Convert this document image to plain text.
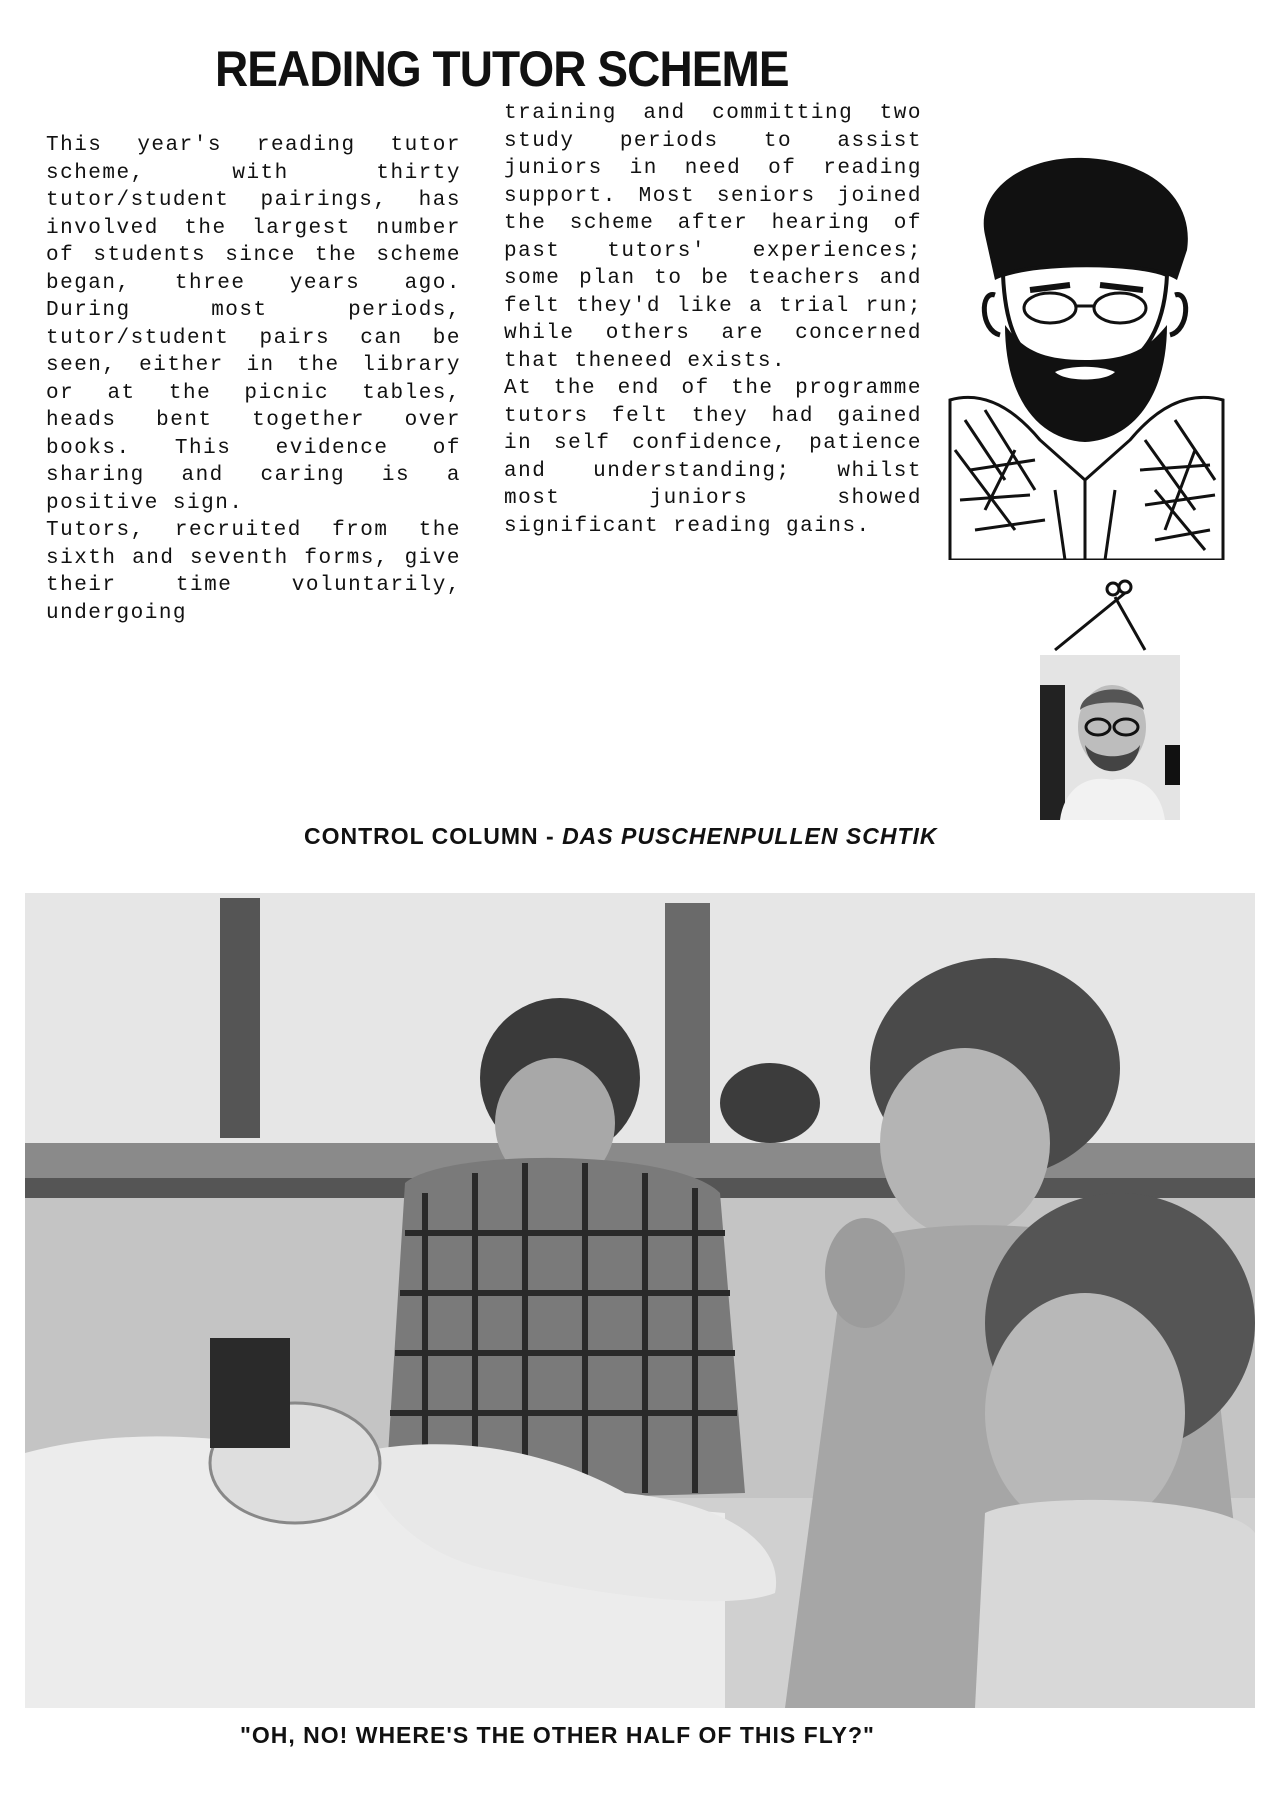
READING TUTOR SCHEME

This year's reading tutor scheme, with thirty tutor/student pairings, has involved the largest number of students since the scheme began, three years ago. During most periods, tutor/student pairs can be seen, either in the library or at the picnic tables, heads bent together over books. This evidence of sharing and caring is a positive sign.

Tutors, recruited from the sixth and seventh forms, give their time voluntarily, undergoing

training and committing two study periods to assist juniors in need of reading support. Most seniors joined the scheme after hearing of past tutors' experiences; some plan to be teachers and felt they'd like a trial run; while others are concerned that theneed exists.

At the end of the programme tutors felt they had gained in self confidence, patience and understanding; whilst most juniors showed significant reading gains.

CONTROL COLUMN - DAS PUSCHENPULLEN SCHTIK

"OH, NO! WHERE'S THE OTHER HALF OF THIS FLY?"
